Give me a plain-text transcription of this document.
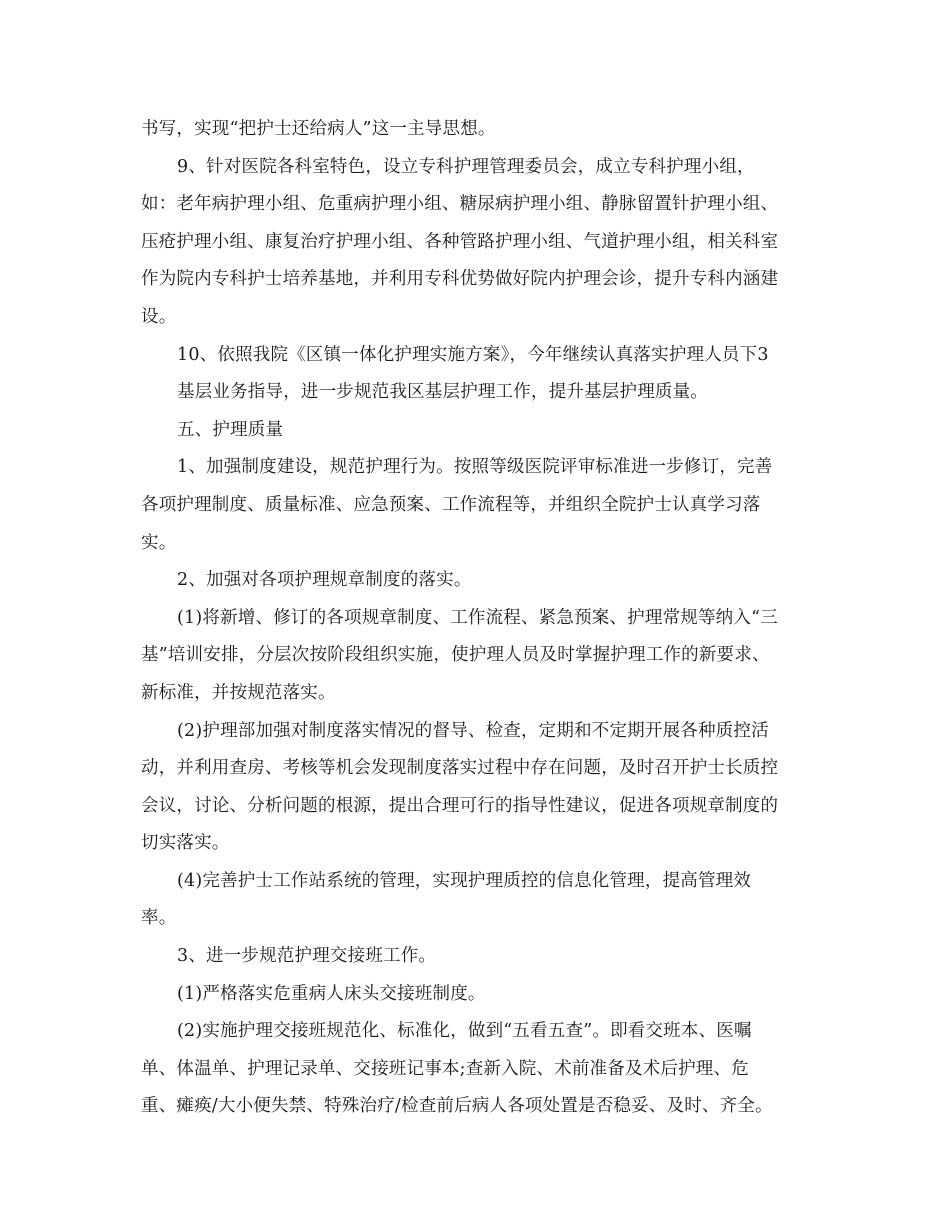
书写，实现“把护士还给病人”这一主导思想。
9、针对医院各科室特色，设立专科护理管理委员会，成立专科护理小组，
如：老年病护理小组、危重病护理小组、糖尿病护理小组、静脉留置针护理小组、
压疮护理小组、康复治疗护理小组、各种管路护理小组、气道护理小组，相关科室
作为院内专科护士培养基地，并利用专科优势做好院内护理会诊，提升专科内涵建
设。
10、依照我院《区镇一体化护理实施方案》，今年继续认真落实护理人员下3
基层业务指导，进一步规范我区基层护理工作，提升基层护理质量。
五、护理质量
1、加强制度建设，规范护理行为。按照等级医院评审标准进一步修订，完善
各项护理制度、质量标准、应急预案、工作流程等，并组织全院护士认真学习落
实。
2、加强对各项护理规章制度的落实。
(1)将新增、修订的各项规章制度、工作流程、紧急预案、护理常规等纳入“三
基”培训安排，分层次按阶段组织实施，使护理人员及时掌握护理工作的新要求、
新标准，并按规范落实。
(2)护理部加强对制度落实情况的督导、检查，定期和不定期开展各种质控活
动，并利用查房、考核等机会发现制度落实过程中存在问题，及时召开护士长质控
会议，讨论、分析问题的根源，提出合理可行的指导性建议，促进各项规章制度的
切实落实。
(4)完善护士工作站系统的管理，实现护理质控的信息化管理，提高管理效
率。
3、进一步规范护理交接班工作。
(1)严格落实危重病人床头交接班制度。
(2)实施护理交接班规范化、标准化，做到“五看五查”。即看交班本、医嘱
单、体温单、护理记录单、交接班记事本;查新入院、术前准备及术后护理、危
重、瘫痪/大小便失禁、特殊治疗/检查前后病人各项处置是否稳妥、及时、齐全。
